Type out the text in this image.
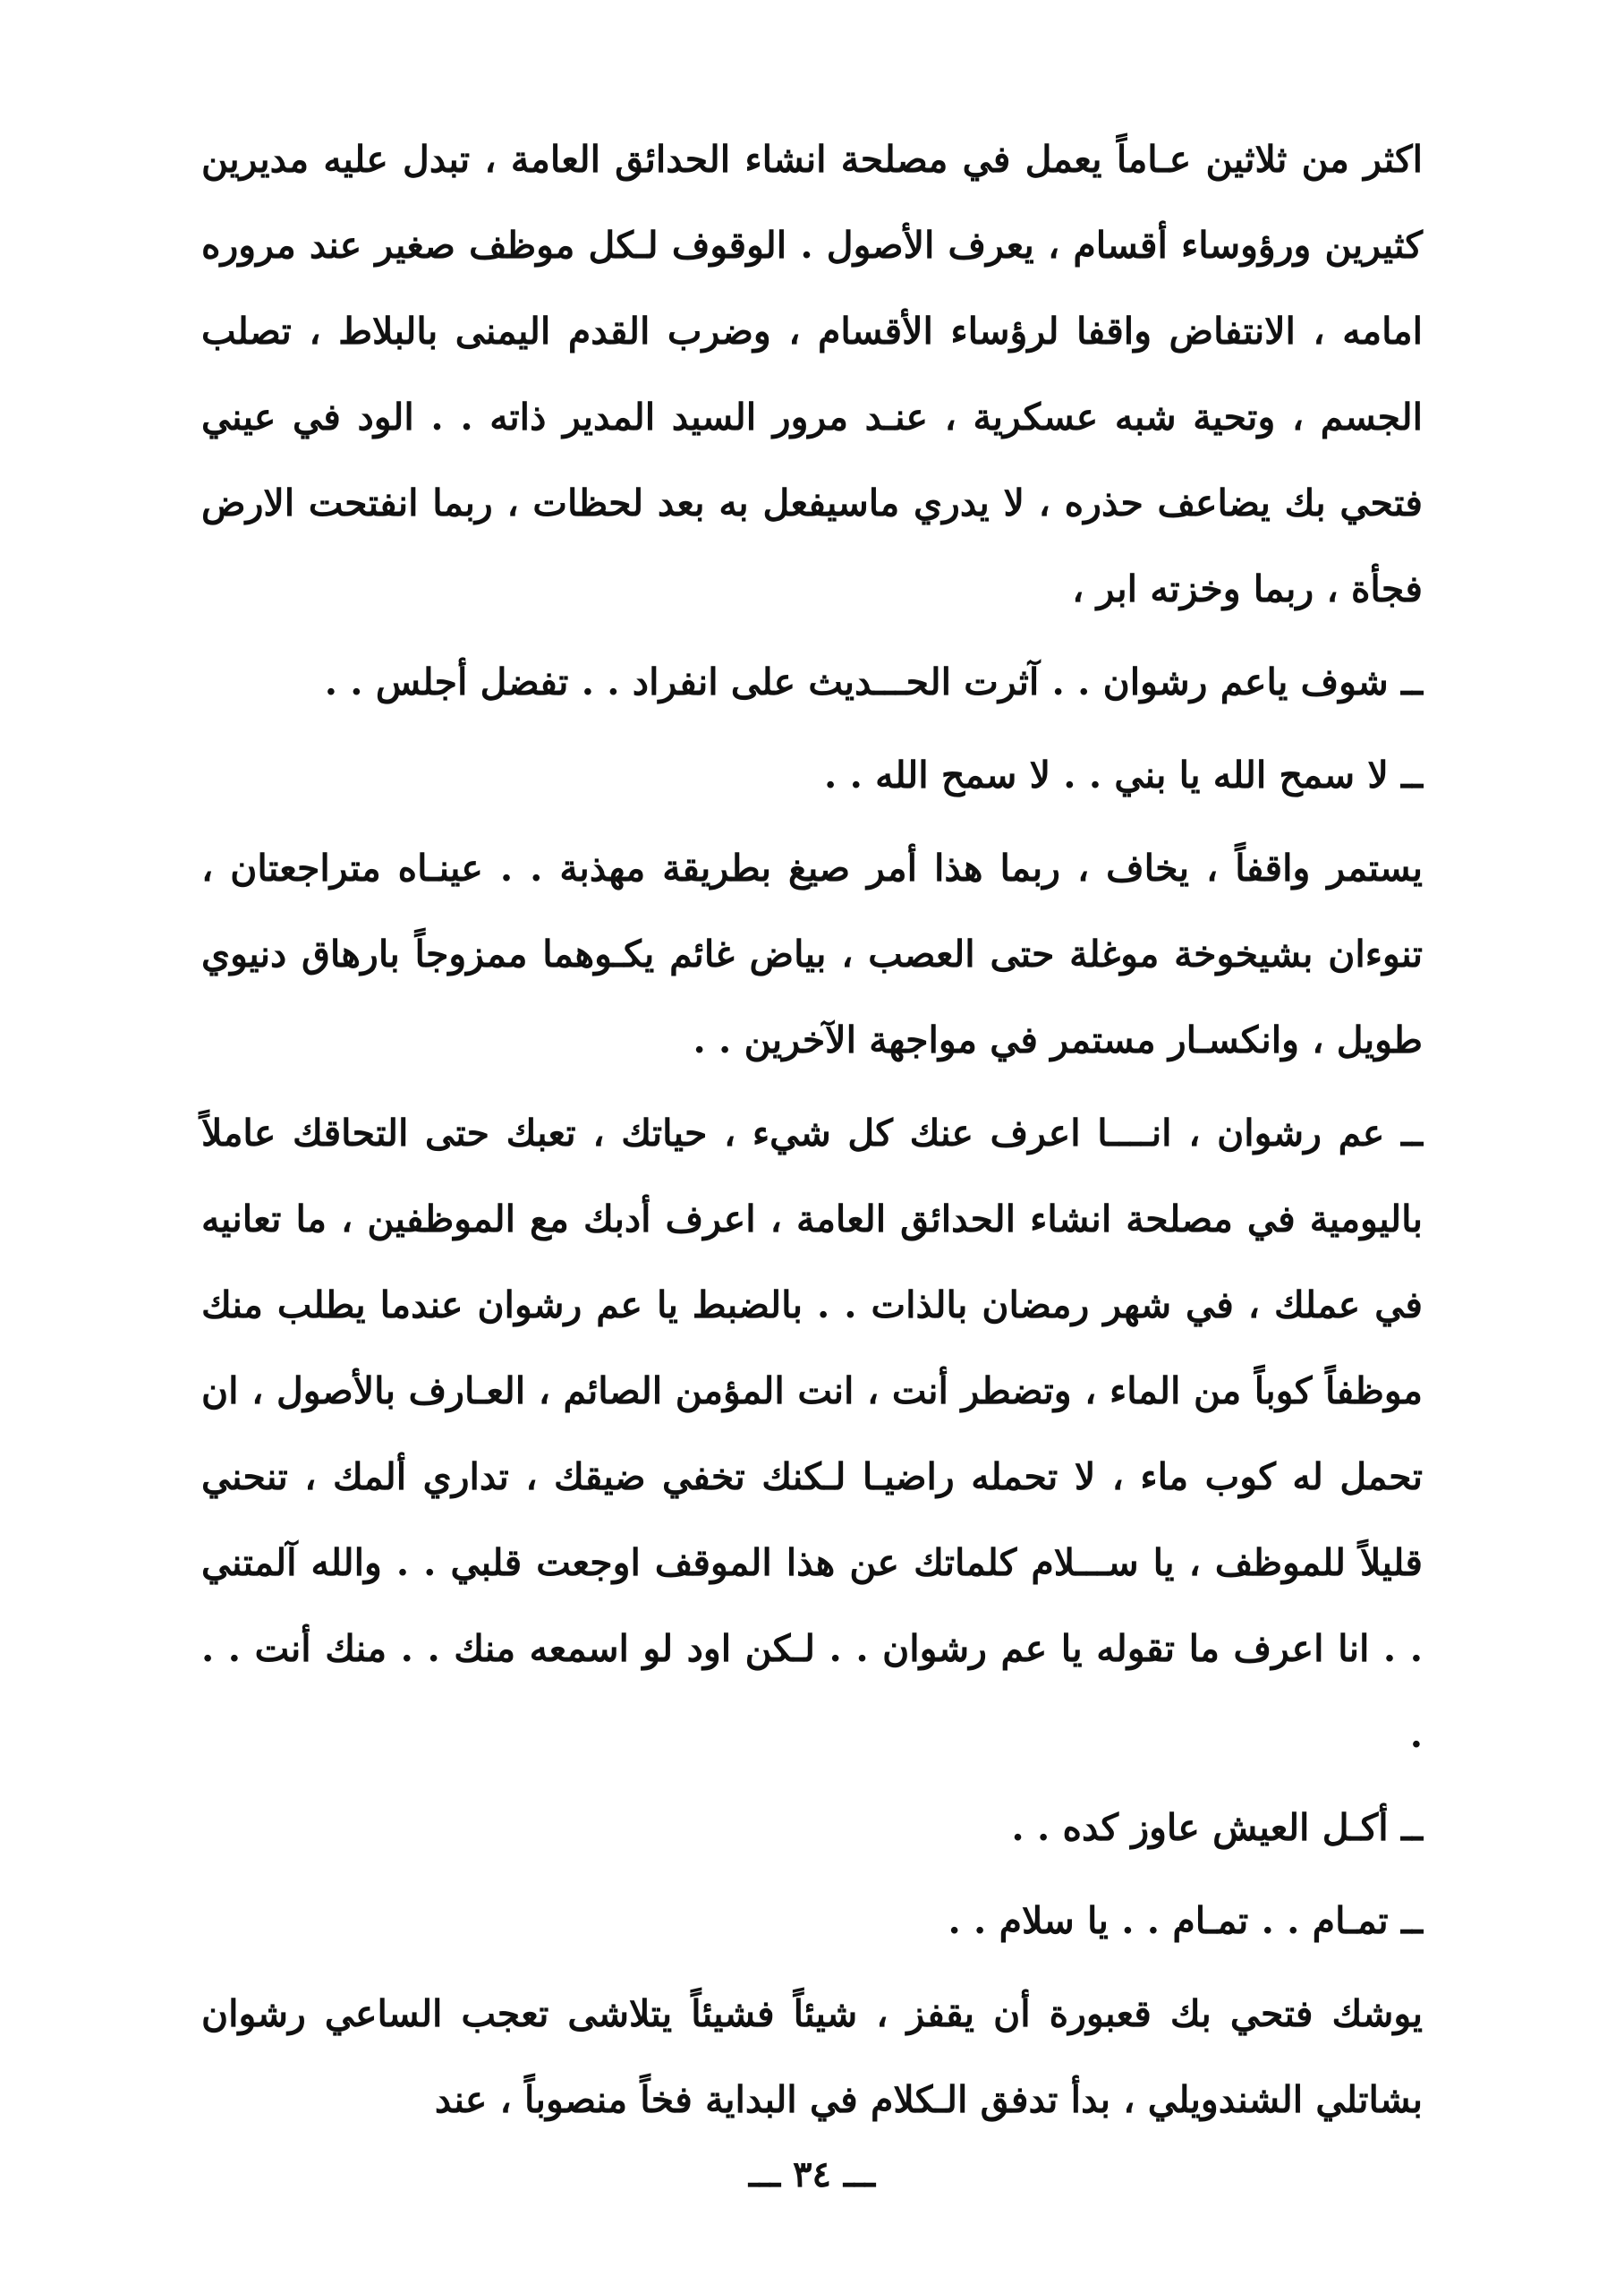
اكثر من ثلاثين عـاماً يعمل في مصلحة انشاء الحدائق العامة ، تبدل عليه مديرين كثيرين ورؤوساء أقسام ، يعرف الأصول . الوقوف لـكل موظف صغير عند مروره امامه ، الانتفاض واقفا لرؤساء الأقسام ، وضرب القدم اليمنى بالبلاط ، تصلب الجسم ، وتحية شبه عسكرية ، عنـد مرور السيد المدير ذاته . . الود في عيني فتحي بك يضاعف حذره ، لا يدري ماسيفعل به بعد لحظات ، ربما انفتحت الارض فجأة ، ربما وخزته ابر ،

ــ شوف ياعم رشوان . . آثرت الحـــديث على انفراد . . تفضل أجلس . .

ــ لا سمح الله يا بني . . لا سمح الله . .

يستمر واقفاً ، يخاف ، ربما هذا أمر صيغ بطريقة مهذبة . . عينـاه متراجعتان ، تنوءان بشيخوخة موغلة حتى العصب ، بياض غائم يكـوهما ممزوجاً بارهاق دنيوي طويل ، وانكسـار مستمر في مواجهة الآخرين . .

ــ عم رشوان ، انــــا اعرف عنك كل شيء ، حياتك ، تعبك حتى التحاقك عاملاً باليومية في مصلحة انشاء الحدائق العامة ، اعرف أدبك مع الموظفين ، ما تعانيه في عملك ، في شهر رمضان بالذات . . بالضبط يا عم رشوان عندما يطلب منك موظفاً كوباً من الماء ، وتضطر أنت ، انت المؤمن الصائم ، العـارف بالأصول ، ان تحمل له كوب ماء ، لا تحمله راضيـا لـكنك تخفي ضيقك ، تداري ألمك ، تنحني قليلاً للموظف ، يا ســـلام كلماتك عن هذا الموقف اوجعت قلبي . . والله آلمتني . . انا اعرف ما تقوله يا عم رشوان . . لـكن اود لو اسمعه منك . . منك أنت . . .

ــ أكـل العيش عاوز كده . .

ــ تمـام . . تمـام . . يا سلام . .

يوشك فتحي بك قعبورة أن يقفز ، شيئاً فشيئاً يتلاشى تعجب الساعي رشوان بشاتلي الشندويلي ، بدأ تدفق الـكلام في البداية فخاً منصوباً ، عند

ـــ ٣٤ ـــ
